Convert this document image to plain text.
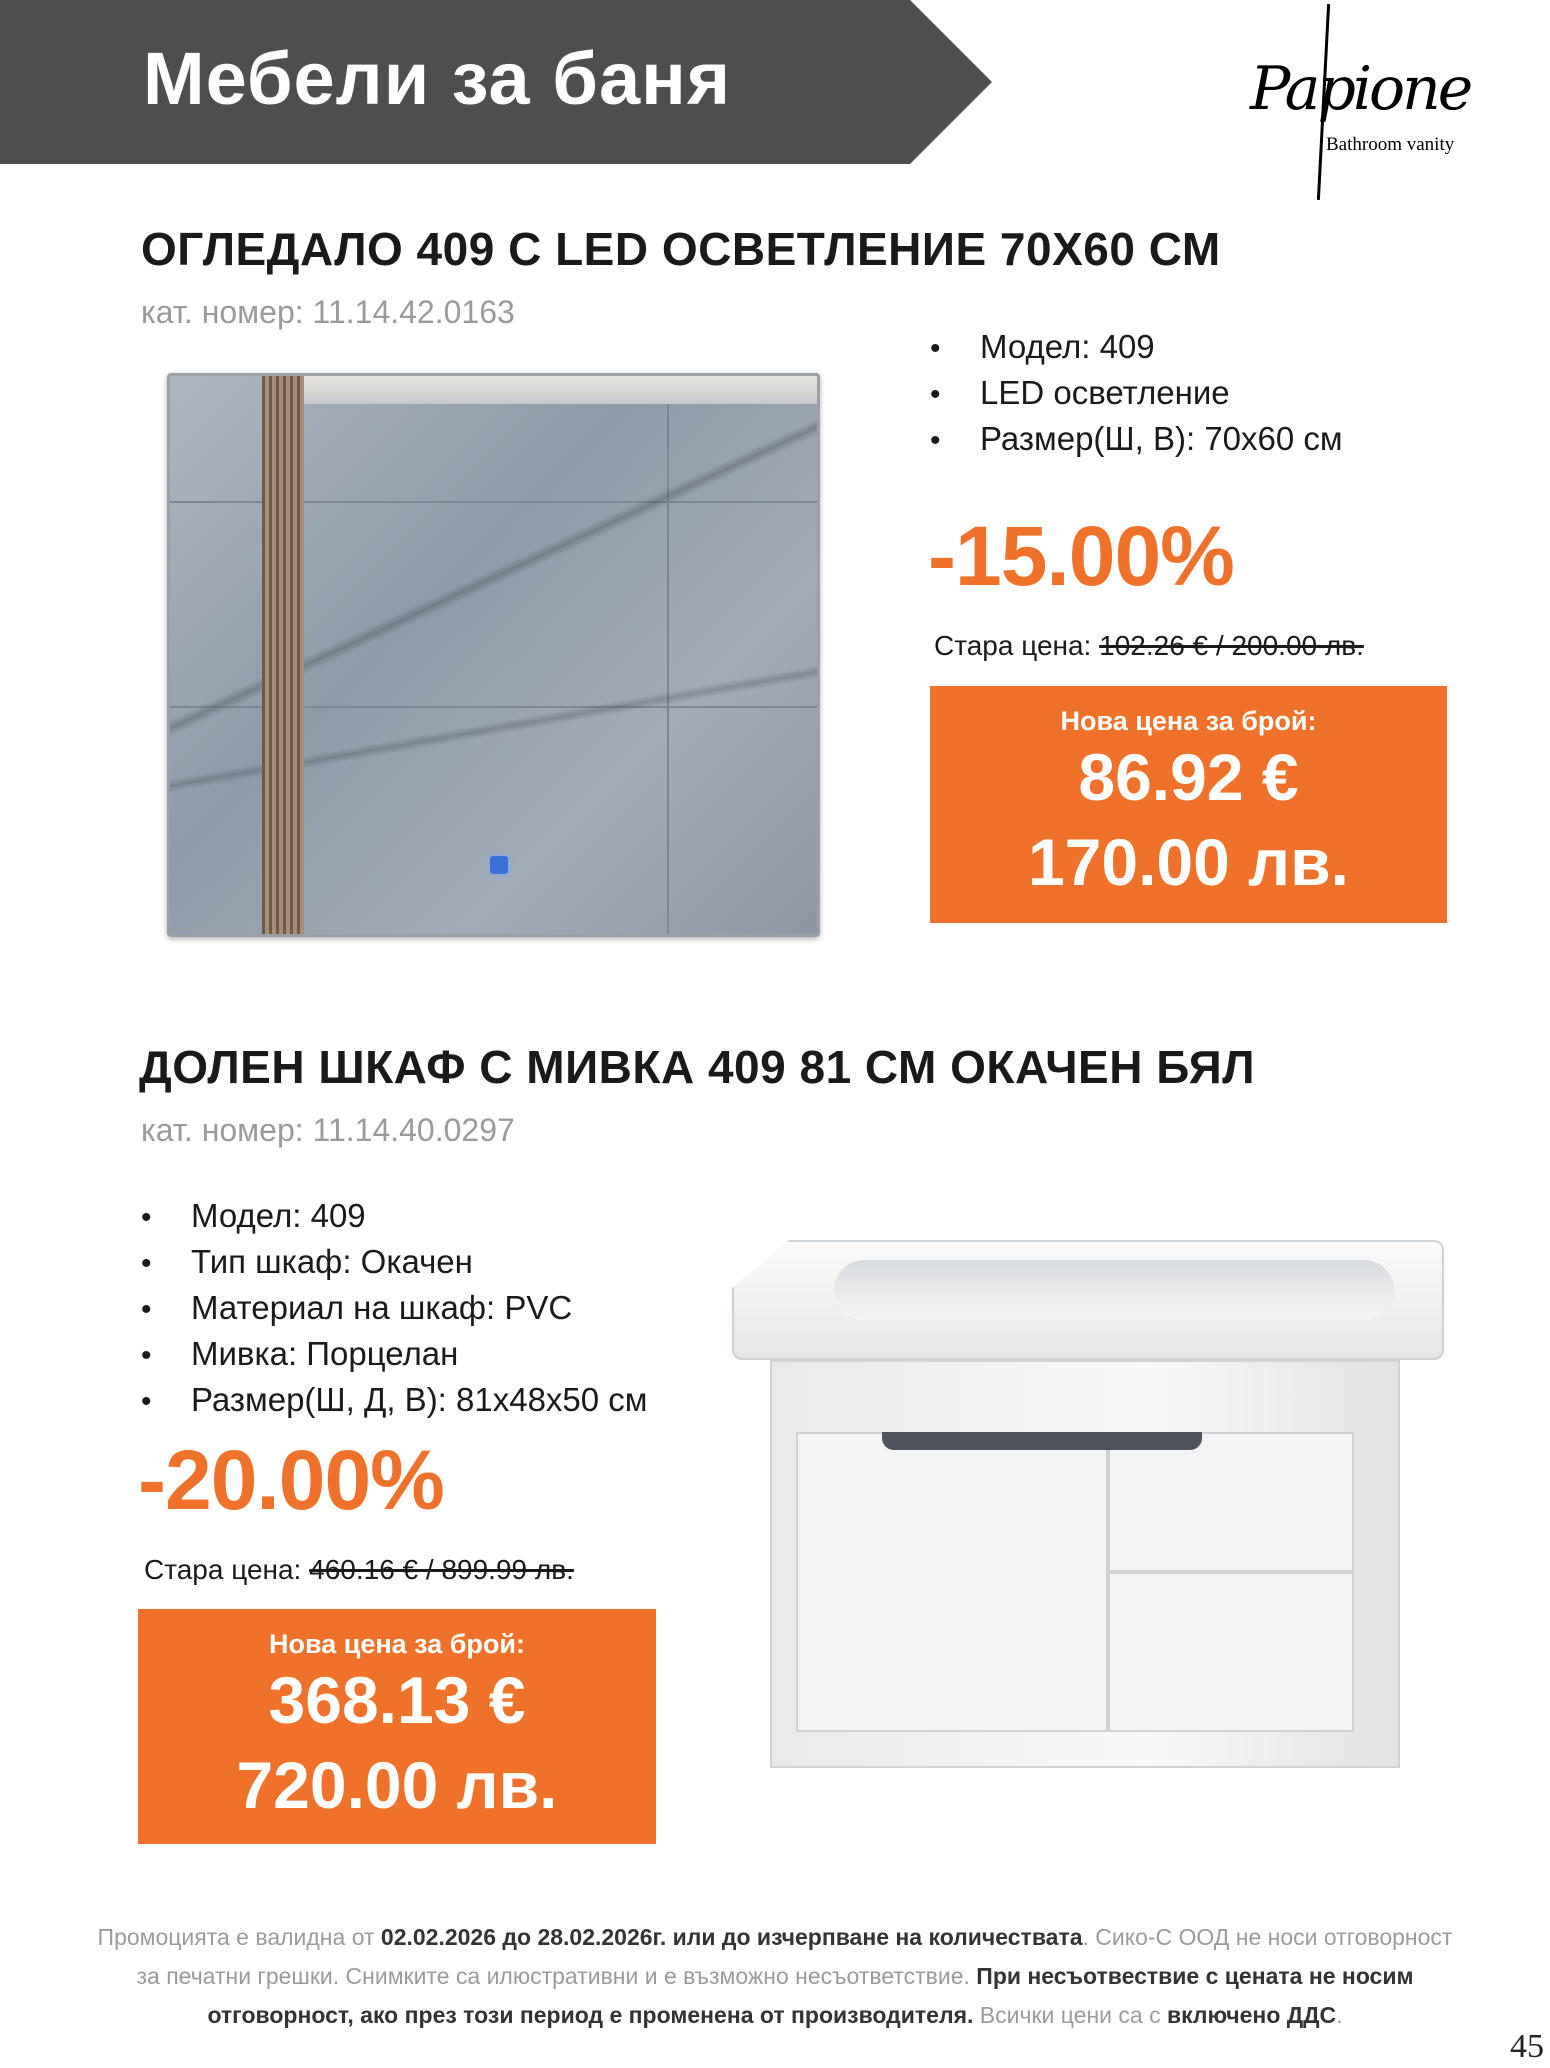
Мебели за баня	Papione
Bathroom vanity
ОГЛЕДАЛО 409 С LED ОСВЕТЛЕНИЕ 70X60 СМ
кат. номер: 11.14.42.0163
• Модел: 409
• LED осветление
• Размер(Ш, В): 70x60 см
-15.00%
Стара цена: 102.26 € / 200.00 лв.
Нова цена за брой:
86.92 €
170.00 лв.
ДОЛЕН ШКАФ С МИВКА 409 81 СМ ОКАЧЕН БЯЛ
кат. номер: 11.14.40.0297
• Модел: 409
• Тип шкаф: Окачен
• Материал на шкаф: PVC
• Мивка: Порцелан
• Размер(Ш, Д, В): 81x48x50 см
-20.00%
Стара цена: 460.16 € / 899.99 лв.
Нова цена за брой:
368.13 €
720.00 лв.
Промоцията е валидна от 02.02.2026 до 28.02.2026г. или до изчерпване на количествата. Сико-С ООД не носи отговорност
за печатни грешки. Снимките са илюстративни и е възможно несъответствие. При несъотвествие с цената не носим
отговорност, ако през този период е променена от производителя. Всички цени са с включено ДДС.
45
